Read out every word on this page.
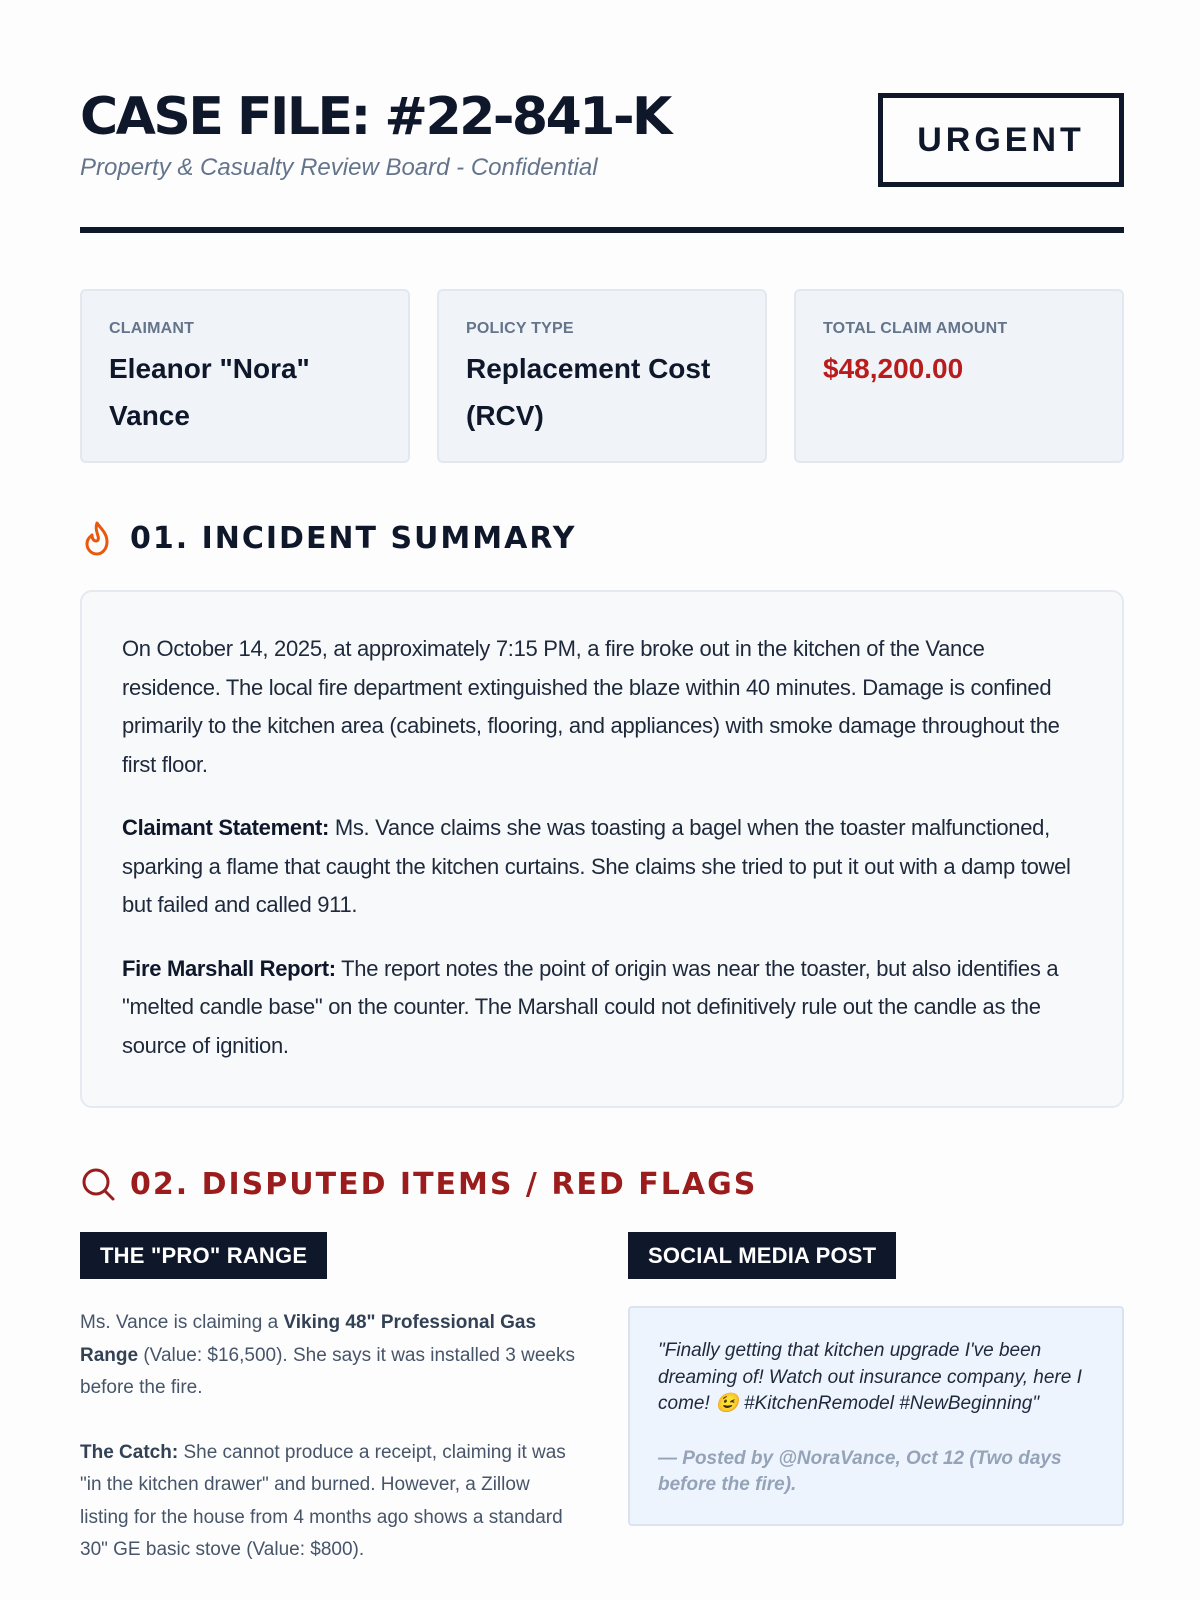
CASE FILE: #22-841-K
Property & Casualty Review Board - Confidential
URGENT
CLAIMANT
Eleanor "Nora" Vance
POLICY TYPE
Replacement Cost (RCV)
TOTAL CLAIM AMOUNT
$48,200.00
01. INCIDENT SUMMARY

On October 14, 2025, at approximately 7:15 PM, a fire broke out in the kitchen of the Vance residence. The local fire department extinguished the blaze within 40 minutes. Damage is confined primarily to the kitchen area (cabinets, flooring, and appliances) with smoke damage throughout the first floor.

Claimant Statement: Ms. Vance claims she was toasting a bagel when the toaster malfunctioned, sparking a flame that caught the kitchen curtains. She claims she tried to put it out with a damp towel but failed and called 911.

Fire Marshall Report: The report notes the point of origin was near the toaster, but also identifies a "melted candle base" on the counter. The Marshall could not definitively rule out the candle as the source of ignition.

02. DISPUTED ITEMS / RED FLAGS
THE "PRO" RANGE

Ms. Vance is claiming a Viking 48" Professional Gas Range (Value: $16,500). She says it was installed 3 weeks before the fire.

The Catch: She cannot produce a receipt, claiming it was "in the kitchen drawer" and burned. However, a Zillow listing for the house from 4 months ago shows a standard 30" GE basic stove (Value: $800).

SOCIAL MEDIA POST
"Finally getting that kitchen upgrade I've been dreaming of! Watch out insurance company, here I come! 😉 #KitchenRemodel #NewBeginning"
— Posted by @NoraVance, Oct 12 (Two days before the fire).
